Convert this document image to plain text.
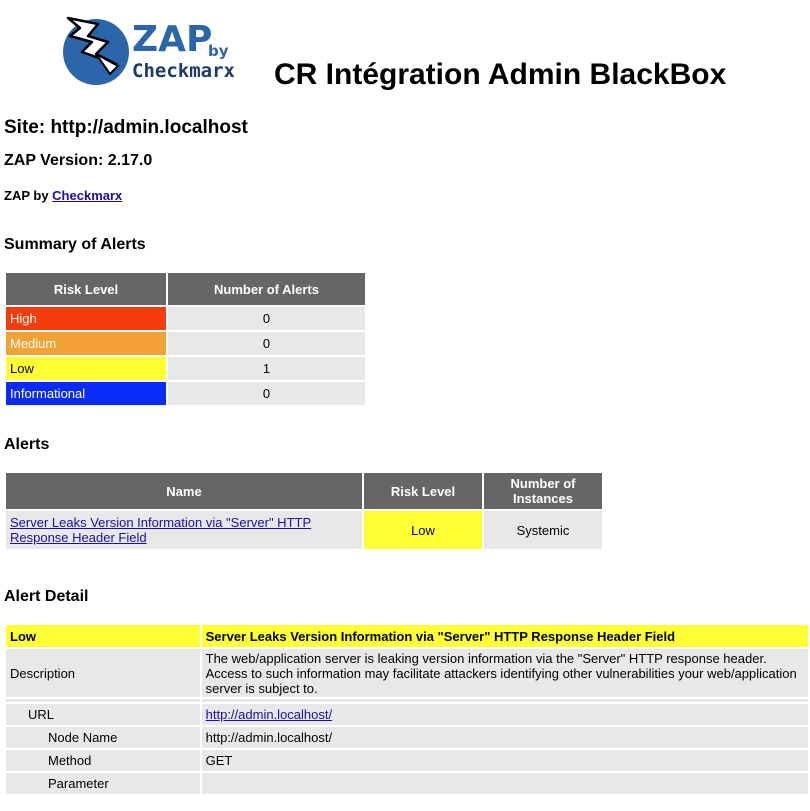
ZAP
by
Checkmarx CR Intégration Admin BlackBox
Site: http://admin.localhost
ZAP Version: 2.17.0
ZAP by Checkmarx
Summary of Alerts
Risk Level	Number of Alerts
High	0
Medium	0
Low	1
Informational	0
Alerts
Name	Risk Level	Number of Instances
Server Leaks Version Information via "Server" HTTP Response Header Field	Low	Systemic
Alert Detail
Low	Server Leaks Version Information via "Server" HTTP Response Header Field
Description	The web/application server is leaking version information via the "Server" HTTP response header. Access to such information may facilitate attackers identifying other vulnerabilities your web/application server is subject to.

URL	http://admin.localhost/
Node Name	http://admin.localhost/
Method	GET
Parameter	
